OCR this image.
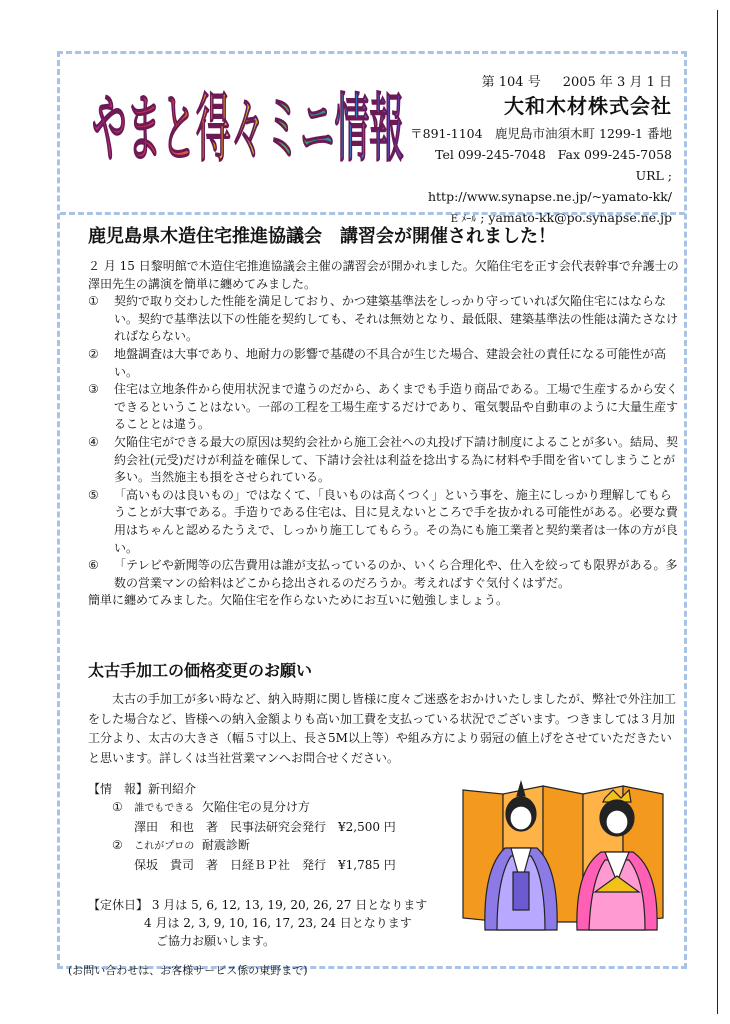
やまと得々ミニ情報
第 104 号 2005 年 3 月 1 日
大和木材株式会社
〒891-1104　鹿児島市油須木町 1299-1 番地
Tel 099-245-7048 Fax 099-245-7058
URL ; http://www.synapse.ne.jp/~yamato-kk/
E ﾒｰﾙ ; yamato-kk@po.synapse.ne.jp
鹿児島県木造住宅推進協議会　講習会が開催されました！

２ 月 15 日黎明館で木造住宅推進協議会主催の講習会が開かれました。欠陥住宅を正す会代表幹事で弁護士の澤田先生の講演を簡単に纏めてみました。

①	契約で取り交わした性能を満足しており、かつ建築基準法をしっかり守っていれば欠陥住宅にはならない。契約で基準法以下の性能を契約しても、それは無効となり、最低限、建築基準法の性能は満たさなければならない。
②	地盤調査は大事であり、地耐力の影響で基礎の不具合が生じた場合、建設会社の責任になる可能性が高い。
③	住宅は立地条件から使用状況まで違うのだから、あくまでも手造り商品である。工場で生産するから安くできるということはない。一部の工程を工場生産するだけであり、電気製品や自動車のように大量生産することとは違う。
④	欠陥住宅ができる最大の原因は契約会社から施工会社への丸投げ下請け制度によることが多い。結局、契約会社(元受)だけが利益を確保して、下請け会社は利益を捻出する為に材料や手間を省いてしまうことが多い。当然施主も損をさせられている。
⑤	「高いものは良いもの」ではなくて、「良いものは高くつく」という事を、施主にしっかり理解してもらうことが大事である。手造りである住宅は、目に見えないところで手を抜かれる可能性がある。必要な費用はちゃんと認めるたうえで、しっかり施工してもらう。その為にも施工業者と契約業者は一体の方が良い。
⑥	「テレビや新聞等の広告費用は誰が支払っているのか、いくら合理化や、仕入を絞っても限界がある。多数の営業マンの給料はどこから捻出されるのだろうか。考えればすぐ気付くはずだ。

簡単に纏めてみました。欠陥住宅を作らないためにお互いに勉強しましょう。

太古手加工の価格変更のお願い

太古の手加工が多い時など、納入時期に関し皆様に度々ご迷惑をおかけいたしましたが、弊社で外注加工をした場合など、皆様への納入金額よりも高い加工費を支払っている状況でございます。つきましては３月加工分より、太古の大きさ（幅５寸以上、長さ5M以上等）や組み方により弱冠の値上げをさせていただきたいと思います。詳しくは当社営業マンへお問合せください。

【情　報】新刊紹介
① 誰でもできる 欠陥住宅の見分け方
澤田　和也　著　民事法研究会発行　¥2,500 円
② これがプロの 耐震診断
保坂　貴司　著　日経ＢＰ社　発行　¥1,785 円
【定休日】 3 月は 5, 6, 12, 13, 19, 20, 26, 27 日となります
4 月は 2, 3, 9, 10, 16, 17, 23, 24 日となります
ご協力お願いします。
(お問い合わせは、お客様サービス係の東野まで)
